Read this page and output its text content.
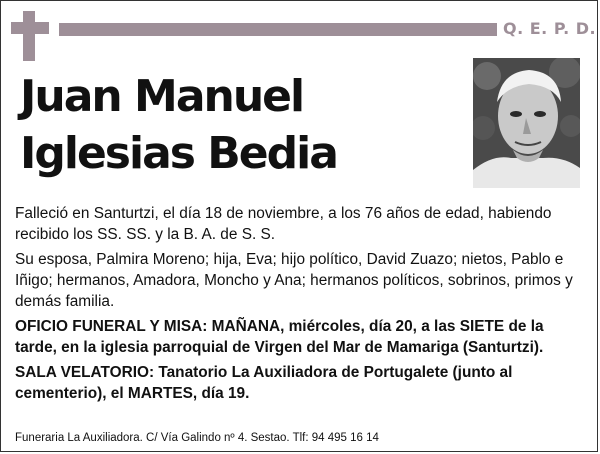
Q. E. P. D.
Juan Manuel
Iglesias Bedia

Falleció en Santurtzi, el día 18 de noviembre, a los 76 años de edad, habiendo recibido los SS. SS. y la B. A. de S. S.

Su esposa, Palmira Moreno; hija, Eva; hijo político, David Zuazo; nietos, Pablo e Iñigo; hermanos, Amadora, Moncho y Ana; hermanos políticos, sobrinos, primos y demás familia.

OFICIO FUNERAL Y MISA: MAÑANA, miércoles, día 20, a las SIETE de la tarde, en la iglesia parroquial de Virgen del Mar de Mamariga (Santurtzi).

SALA VELATORIO: Tanatorio La Auxiliadora de Portugalete (junto al cementerio), el MARTES, día 19.

Funeraria La Auxiliadora. C/ Vía Galindo nº 4. Sestao. Tlf: 94 495 16 14
